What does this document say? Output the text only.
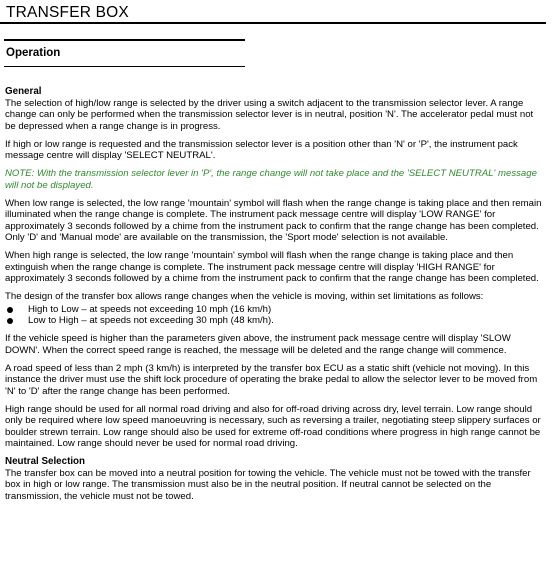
TRANSFER BOX
Operation
General

The selection of high/low range is selected by the driver using a switch adjacent to the transmission selector lever. A range change can only be performed when the transmission selector lever is in neutral, position 'N'. The accelerator pedal must not be depressed when a range change is in progress.

If high or low range is requested and the transmission selector lever is a position other than 'N' or 'P', the instrument pack message centre will display 'SELECT NEUTRAL'.

NOTE: With the transmission selector lever in 'P', the range change will not take place and the 'SELECT NEUTRAL' message will not be displayed.

When low range is selected, the low range 'mountain' symbol will flash when the range change is taking place and then remain illuminated when the range change is complete. The instrument pack message centre will display 'LOW RANGE' for approximately 3 seconds followed by a chime from the instrument pack to confirm that the range change has been completed. Only 'D' and 'Manual mode' are available on the transmission, the 'Sport mode' selection is not available.

When high range is selected, the low range 'mountain' symbol will flash when the range change is taking place and then extinguish when the range change is complete. The instrument pack message centre will display 'HIGH RANGE' for approximately 3 seconds followed by a chime from the instrument pack to confirm that the range change has been completed.

The design of the transfer box allows range changes when the vehicle is moving, within set limitations as follows:

High to Low – at speeds not exceeding 10 mph (16 km/h)
Low to High – at speeds not exceeding 30 mph (48 km/h).

If the vehicle speed is higher than the parameters given above, the instrument pack message centre will display 'SLOW DOWN'. When the correct speed range is reached, the message will be deleted and the range change will commence.

A road speed of less than 2 mph (3 km/h) is interpreted by the transfer box ECU as a static shift (vehicle not moving). In this instance the driver must use the shift lock procedure of operating the brake pedal to allow the selector lever to be moved from 'N' to 'D' after the range change has been performed.

High range should be used for all normal road driving and also for off-road driving across dry, level terrain. Low range should only be required where low speed manoeuvring is necessary, such as reversing a trailer, negotiating steep slippery surfaces or boulder strewn terrain. Low range should also be used for extreme off-road conditions where progress in high range cannot be maintained. Low range should never be used for normal road driving.

Neutral Selection

The transfer box can be moved into a neutral position for towing the vehicle. The vehicle must not be towed with the transfer box in high or low range. The transmission must also be in the neutral position. If neutral cannot be selected on the transmission, the vehicle must not be towed.
